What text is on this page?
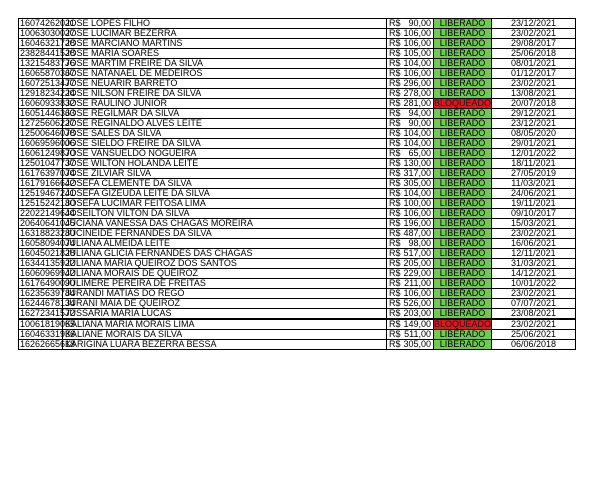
16074262021	JOSE LOPES FILHO	R$ 90,00	LIBERADO	23/12/2021
10063030027	JOSE LUCIMAR BEZERRA	R$ 106,00	LIBERADO	23/02/2021
16046321728	JOSE MARCIANO MARTINS	R$ 106,00	LIBERADO	29/08/2017
23828441528	JOSE MARIA SOARES	R$ 105,00	LIBERADO	25/06/2018
13215483776	JOSE MARTIM FREIRE DA SILVA	R$ 104,00	LIBERADO	08/01/2021
16065870367	JOSE NATANAEL DE MEDEIROS	R$ 106,00	LIBERADO	01/12/2017
16072513477	JOSE NEUARIR BARRETO	R$ 296,00	LIBERADO	23/02/2021
12918234224	JOSE NILSON FREIRE DA SILVA	R$ 278,00	LIBERADO	13/08/2021
16060933832	JOSE RAULINO JUNIOR	R$ 281,00	BLOQUEADO	20/07/2018
16051446363	JOSE REGILMAR DA SILVA	R$ 94,00	LIBERADO	29/12/2021
12725606227	JOSE REGINALDO ALVES LEITE	R$ 90,00	LIBERADO	23/12/2021
12500646078	JOSE SALES DA SILVA	R$ 104,00	LIBERADO	08/05/2020
16069596006	JOSE SIELDO FREIRE DA SILVA	R$ 104,00	LIBERADO	29/01/2021
16061249870	JOSE VANSUELDO NOGUEIRA	R$ 65,00	LIBERADO	12/01/2022
12501047737	JOSE WILTON HOLANDA LEITE	R$ 130,00	LIBERADO	18/11/2021
16176397074	JOSE ZILVIAR SILVA	R$ 317,00	LIBERADO	27/05/2019
16179166642	JOSEFA CLEMENTE DA SILVA	R$ 305,00	LIBERADO	11/03/2021
12519467241	JOSEFA GIZEUDA LEITE DA SILVA	R$ 104,00	LIBERADO	24/06/2021
12515242180	JOSEFA LUCIMAR FEITOSA LIMA	R$ 100,00	LIBERADO	19/11/2021
22022149644	JOSEILTON VILTON DA SILVA	R$ 106,00	LIBERADO	09/10/2017
20640641045	JUCIANA VANESSA DAS CHAGAS MOREIRA	R$ 196,00	LIBERADO	15/03/2021
16318823280	JUCINEIDE FERNANDES DA SILVA	R$ 487,00	LIBERADO	23/02/2021
16058094074	JULIANA ALMEIDA LEITE	R$ 98,00	LIBERADO	16/06/2021
16045021828	JULIANA GLICIA FERNANDES DAS CHAGAS	R$ 517,00	LIBERADO	12/11/2021
16344135922	JULIANA MARIA QUEIROZ DOS SANTOS	R$ 205,00	LIBERADO	31/03/2021
16060969942	JULIANA MORAIS DE QUEIROZ	R$ 229,00	LIBERADO	14/12/2021
16176490090	JULIMERE PEREIRA DE FREITAS	R$ 211,00	LIBERADO	10/01/2022
16235639784	JURANDI MATIAS DO REGO	R$ 106,00	LIBERADO	23/02/2021
16244678134	JURANI MAIA DE QUEIROZ	R$ 526,00	LIBERADO	07/07/2021
16272341572	JUSSARIA MARIA LUCAS	R$ 203,00	LIBERADO	23/08/2021
10061819065	KALIANA MARIA MORAIS LIMA	R$ 149,00	BLOQUEADO	23/02/2021
16046331936	KALIANE MORAIS DA SILVA	R$ 511,00	LIBERADO	25/06/2021
16262665618	KARIGINA LUARA BEZERRA BESSA	R$ 305,00	LIBERADO	06/06/2018
